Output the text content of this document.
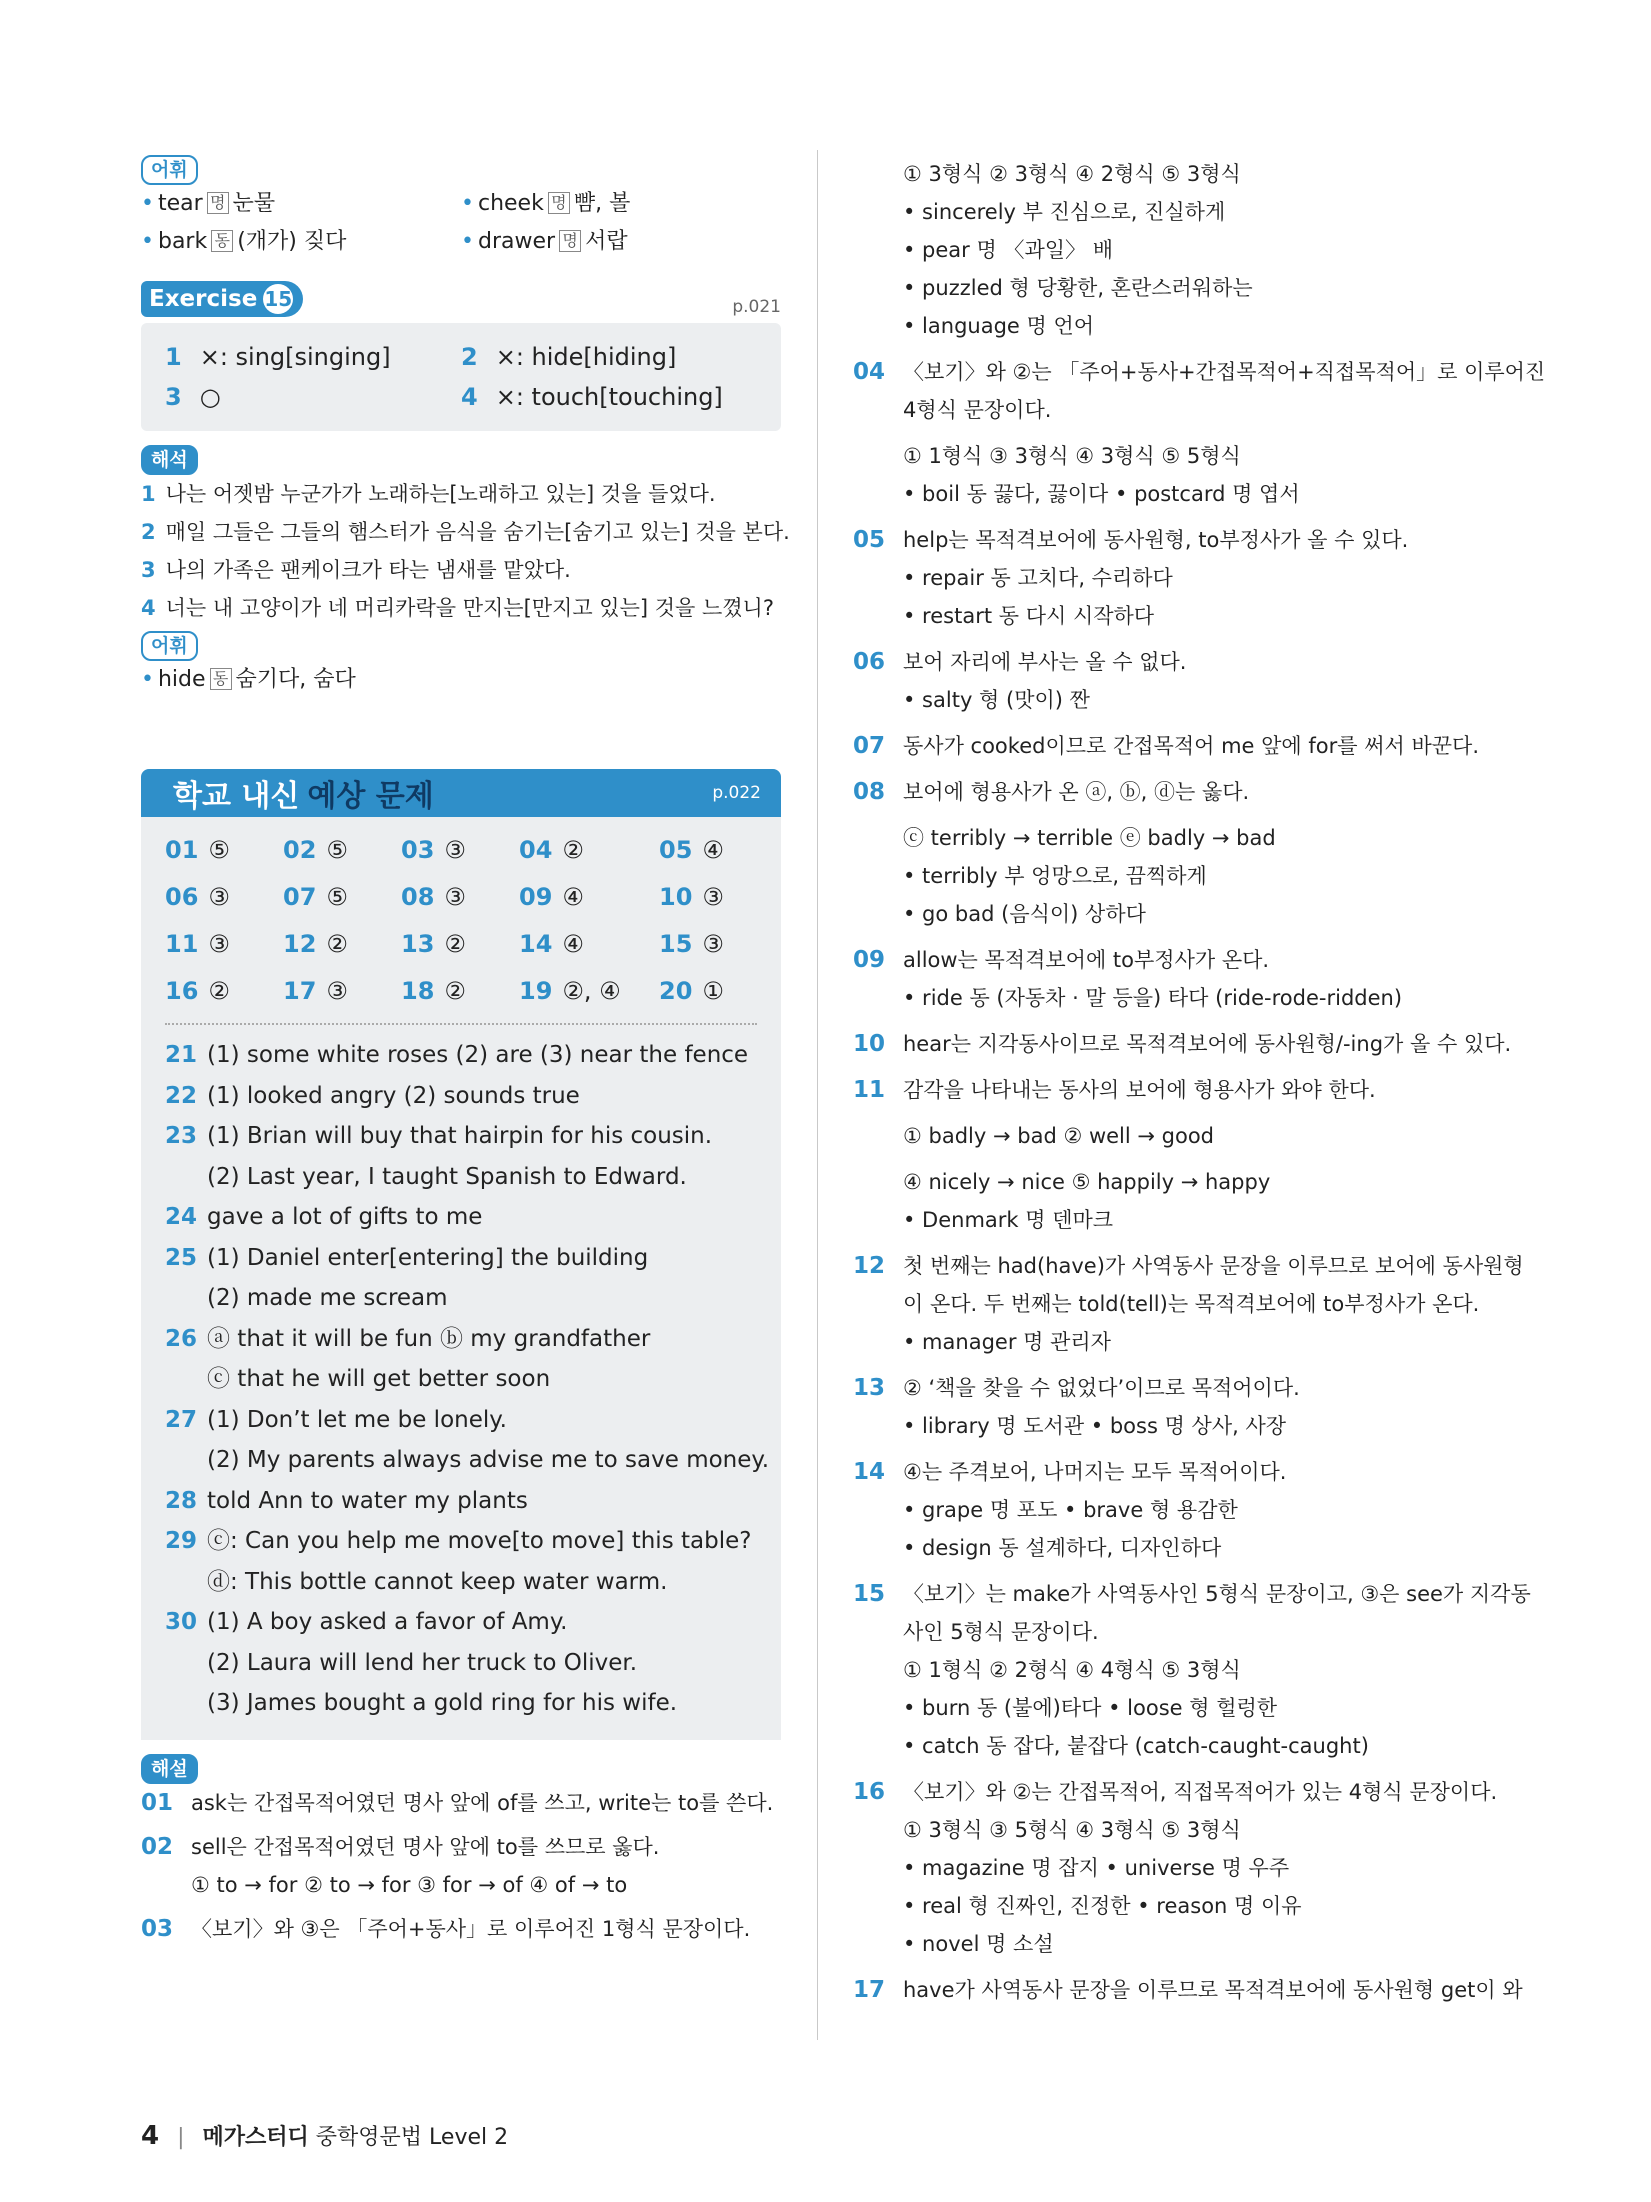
어휘
• tear 명 눈물	• cheek 명 뺨, 볼
• bark 동 (개가) 짖다	• drawer 명 서랍
Exercise 15	p.021
1 ×: sing[singing]	2 ×: hide[hiding]
3 ○	4 ×: touch[touching]
해석
1 나는 어젯밤 누군가가 노래하는[노래하고 있는] 것을 들었다.
2 매일 그들은 그들의 햄스터가 음식을 숨기는[숨기고 있는] 것을 본다.
3 나의 가족은 팬케이크가 타는 냄새를 맡았다.
4 너는 내 고양이가 네 머리카락을 만지는[만지고 있는] 것을 느꼈니?
어휘
• hide 동 숨기다, 숨다
학교 내신 예상 문제	p.022
01 ⑤	02 ⑤	03 ③	04 ②	05 ④
06 ③	07 ⑤	08 ③	09 ④	10 ③
11 ③	12 ②	13 ②	14 ④	15 ③
16 ②	17 ③	18 ②	19 ②, ④	20 ①
21 (1) some white roses (2) are (3) near the fence
22 (1) looked angry (2) sounds true
23 (1) Brian will buy that hairpin for his cousin.
(2) Last year, I taught Spanish to Edward.
24 gave a lot of gifts to me
25 (1) Daniel enter[entering] the building
(2) made me scream
26 ⓐ that it will be fun ⓑ my grandfather
ⓒ that he will get better soon
27 (1) Don’t let me be lonely.
(2) My parents always advise me to save money.
28 told Ann to water my plants
29 ⓒ: Can you help me move[to move] this table?
ⓓ: This bottle cannot keep water warm.
30 (1) A boy asked a favor of Amy.
(2) Laura will lend her truck to Oliver.
(3) James bought a gold ring for his wife.
해설
01 ask는 간접목적어였던 명사 앞에 of를 쓰고, write는 to를 쓴다.
02 sell은 간접목적어였던 명사 앞에 to를 쓰므로 옳다.
① to → for ② to → for ③ for → of ④ of → to
03 〈보기〉와 ③은 「주어+동사」로 이루어진 1형식 문장이다.
① 3형식 ② 3형식 ④ 2형식 ⑤ 3형식
• sincerely 부 진심으로, 진실하게
• pear 명 〈과일〉 배
• puzzled 형 당황한, 혼란스러워하는
• language 명 언어
04 〈보기〉와 ②는 「주어+동사+간접목적어+직접목적어」로 이루어진
4형식 문장이다.
① 1형식 ③ 3형식 ④ 3형식 ⑤ 5형식
• boil 동 끓다, 끓이다 • postcard 명 엽서
05 help는 목적격보어에 동사원형, to부정사가 올 수 있다.
• repair 동 고치다, 수리하다
• restart 동 다시 시작하다
06 보어 자리에 부사는 올 수 없다.
• salty 형 (맛이) 짠
07 동사가 cooked이므로 간접목적어 me 앞에 for를 써서 바꾼다.
08 보어에 형용사가 온 ⓐ, ⓑ, ⓓ는 옳다.
ⓒ terribly → terrible ⓔ badly → bad
• terribly 부 엉망으로, 끔찍하게
• go bad (음식이) 상하다
09 allow는 목적격보어에 to부정사가 온다.
• ride 동 (자동차 · 말 등을) 타다 (ride-rode-ridden)
10 hear는 지각동사이므로 목적격보어에 동사원형/-ing가 올 수 있다.
11 감각을 나타내는 동사의 보어에 형용사가 와야 한다.
① badly → bad ② well → good
④ nicely → nice ⑤ happily → happy
• Denmark 명 덴마크
12 첫 번째는 had(have)가 사역동사 문장을 이루므로 보어에 동사원형
이 온다. 두 번째는 told(tell)는 목적격보어에 to부정사가 온다.
• manager 명 관리자
13 ② ‘책을 찾을 수 없었다’이므로 목적어이다.
• library 명 도서관 • boss 명 상사, 사장
14 ④는 주격보어, 나머지는 모두 목적어이다.
• grape 명 포도 • brave 형 용감한
• design 동 설계하다, 디자인하다
15 〈보기〉는 make가 사역동사인 5형식 문장이고, ③은 see가 지각동
사인 5형식 문장이다.
① 1형식 ② 2형식 ④ 4형식 ⑤ 3형식
• burn 동 (불에)타다 • loose 형 헐렁한
• catch 동 잡다, 붙잡다 (catch-caught-caught)
16 〈보기〉와 ②는 간접목적어, 직접목적어가 있는 4형식 문장이다.
① 3형식 ③ 5형식 ④ 3형식 ⑤ 3형식
• magazine 명 잡지 • universe 명 우주
• real 형 진짜인, 진정한 • reason 명 이유
• novel 명 소설
17 have가 사역동사 문장을 이루므로 목적격보어에 동사원형 get이 와
4 | 메가스터디 중학영문법 Level 2
